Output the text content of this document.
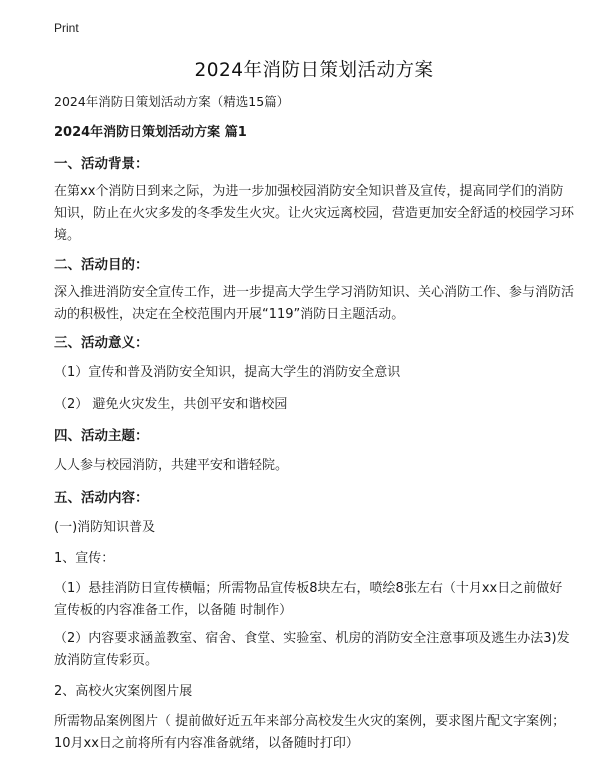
Print
2024年消防日策划活动方案

2024年消防日策划活动方案（精选15篇）

2024年消防日策划活动方案 篇1

一、活动背景：

在第xx个消防日到来之际，为进一步加强校园消防安全知识普及宣传，提高同学们的消防知识，防止在火灾多发的冬季发生火灾。让火灾远离校园，营造更加安全舒适的校园学习环境。

二、活动目的：

深入推进消防安全宣传工作，进一步提高大学生学习消防知识、关心消防工作、参与消防活动的积极性，决定在全校范围内开展“119”消防日主题活动。

三、活动意义：

（1）宣传和普及消防安全知识，提高大学生的消防安全意识

（2） 避免火灾发生，共创平安和谐校园

四、活动主题：

人人参与校园消防，共建平安和谐轻院。

五、活动内容：

(一)消防知识普及

1、宣传：

（1）悬挂消防日宣传横幅；所需物品宣传板8块左右，喷绘8张左右（十月xx日之前做好宣传板的内容准备工作，以备随 时制作）

（2）内容要求涵盖教室、宿舍、食堂、实验室、机房的消防安全注意事项及逃生办法3)发放消防宣传彩页。

2、高校火灾案例图片展

所需物品案例图片（ 提前做好近五年来部分高校发生火灾的案例，要求图片配文字案例；10月xx日之前将所有内容准备就绪，以备随时打印）
